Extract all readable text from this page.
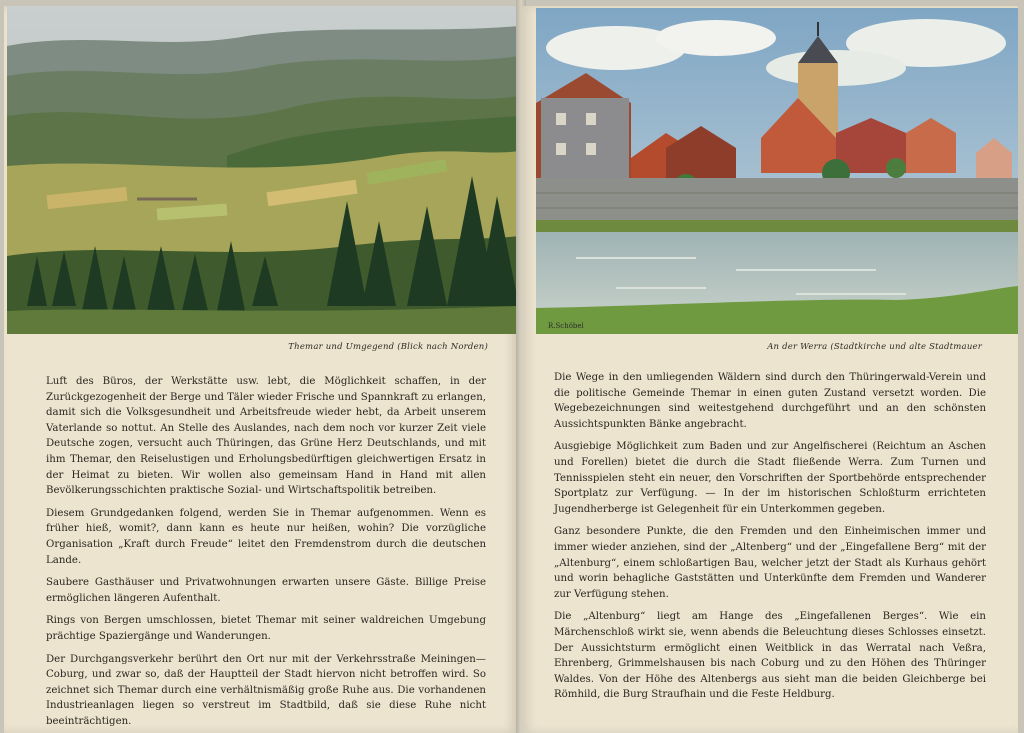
Themar und Umgegend (Blick nach Norden)

Luft des Büros, der Werkstätte usw. lebt, die Möglichkeit schaffen, in der Zurückgezogenheit der Berge und Täler wieder Frische und Spannkraft zu erlangen, damit sich die Volksgesundheit und Arbeitsfreude wieder hebt, da Arbeit unserem Vaterlande so nottut. An Stelle des Auslandes, nach dem noch vor kurzer Zeit viele Deutsche zogen, versucht auch Thüringen, das Grüne Herz Deutschlands, und mit ihm Themar, den Reiselustigen und Erholungsbedürftigen gleichwertigen Ersatz in der Heimat zu bieten. Wir wollen also gemeinsam Hand in Hand mit allen Bevölkerungsschichten praktische Sozial- und Wirtschaftspolitik betreiben.

Diesem Grundgedanken folgend, werden Sie in Themar aufgenommen. Wenn es früher hieß, womit?, dann kann es heute nur heißen, wohin? Die vorzügliche Organisation „Kraft durch Freude“ leitet den Fremdenstrom durch die deutschen Lande.

Saubere Gasthäuser und Privatwohnungen erwarten unsere Gäste. Billige Preise ermöglichen längeren Aufenthalt.

Rings von Bergen umschlossen, bietet Themar mit seiner waldreichen Umgebung prächtige Spaziergänge und Wanderungen.

Der Durchgangsverkehr berührt den Ort nur mit der Verkehrsstraße Meiningen—Coburg, und zwar so, daß der Hauptteil der Stadt hiervon nicht betroffen wird. So zeichnet sich Themar durch eine verhältnismäßig große Ruhe aus. Die vorhandenen Industrieanlagen liegen so verstreut im Stadtbild, daß sie diese Ruhe nicht beeinträchtigen.

R.Schöbel
An der Werra (Stadtkirche und alte Stadtmauer

Die Wege in den umliegenden Wäldern sind durch den Thüringerwald-Verein und die politische Gemeinde Themar in einen guten Zustand versetzt worden. Die Wegebezeichnungen sind weitestgehend durchgeführt und an den schönsten Aussichtspunkten Bänke angebracht.

Ausgiebige Möglichkeit zum Baden und zur Angelfischerei (Reichtum an Aschen und Forellen) bietet die durch die Stadt fließende Werra. Zum Turnen und Tennisspielen steht ein neuer, den Vorschriften der Sportbehörde entsprechender Sportplatz zur Verfügung. — In der im historischen Schloßturm errichteten Jugendherberge ist Gelegenheit für ein Unterkommen gegeben.

Ganz besondere Punkte, die den Fremden und den Einheimischen immer und immer wieder anziehen, sind der „Altenberg“ und der „Eingefallene Berg“ mit der „Altenburg“, einem schloßartigen Bau, welcher jetzt der Stadt als Kurhaus gehört und worin behagliche Gaststätten und Unterkünfte dem Fremden und Wanderer zur Verfügung stehen.

Die „Altenburg“ liegt am Hange des „Eingefallenen Berges“. Wie ein Märchenschloß wirkt sie, wenn abends die Beleuchtung dieses Schlosses einsetzt. Der Aussichtsturm ermöglicht einen Weitblick in das Werratal nach Veßra, Ehrenberg, Grimmelshausen bis nach Coburg und zu den Höhen des Thüringer Waldes. Von der Höhe des Altenbergs aus sieht man die beiden Gleichberge bei Römhild, die Burg Straufhain und die Feste Heldburg.
